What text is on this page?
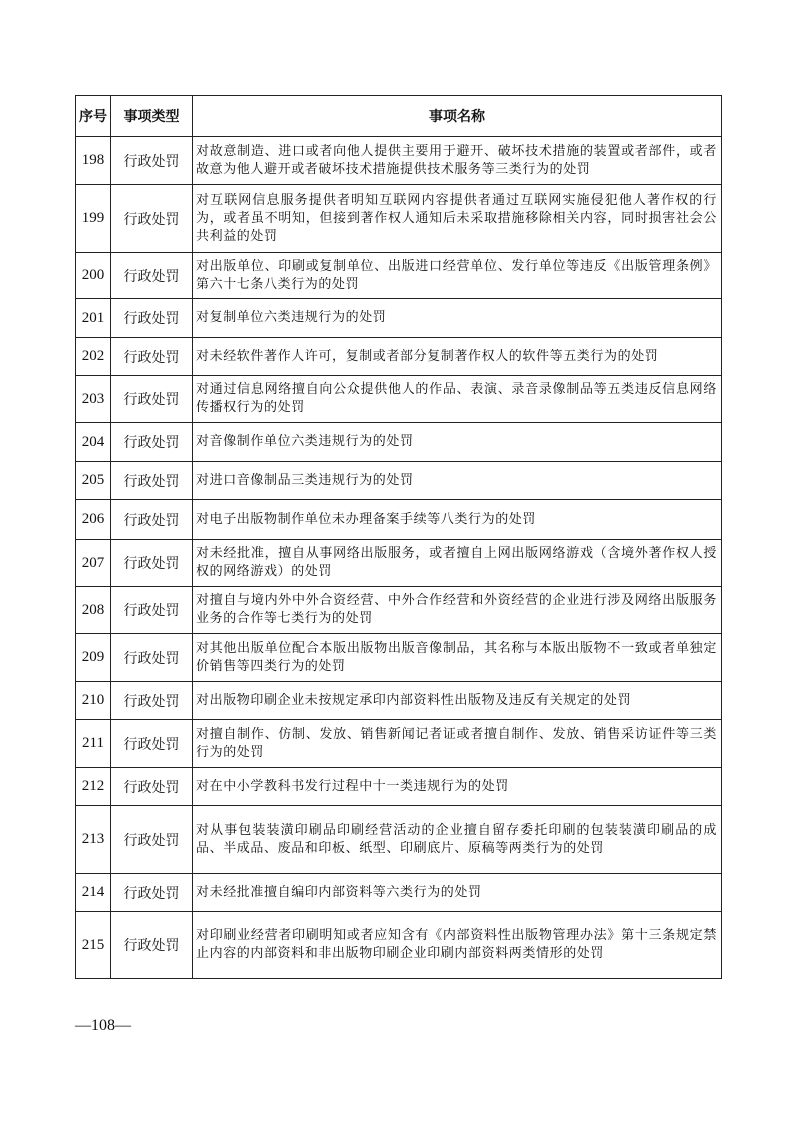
序号	事项类型	事项名称
198	行政处罚	对故意制造、进口或者向他人提供主要用于避开、破坏技术措施的装置或者部件，或者故意为他人避开或者破坏技术措施提供技术服务等三类行为的处罚
199	行政处罚	对互联网信息服务提供者明知互联网内容提供者通过互联网实施侵犯他人著作权的行为，或者虽不明知，但接到著作权人通知后未采取措施移除相关内容，同时损害社会公共利益的处罚
200	行政处罚	对出版单位、印刷或复制单位、出版进口经营单位、发行单位等违反《出版管理条例》第六十七条八类行为的处罚
201	行政处罚	对复制单位六类违规行为的处罚
202	行政处罚	对未经软件著作人许可，复制或者部分复制著作权人的软件等五类行为的处罚
203	行政处罚	对通过信息网络擅自向公众提供他人的作品、表演、录音录像制品等五类违反信息网络传播权行为的处罚
204	行政处罚	对音像制作单位六类违规行为的处罚
205	行政处罚	对进口音像制品三类违规行为的处罚
206	行政处罚	对电子出版物制作单位未办理备案手续等八类行为的处罚
207	行政处罚	对未经批准，擅自从事网络出版服务，或者擅自上网出版网络游戏（含境外著作权人授权的网络游戏）的处罚
208	行政处罚	对擅自与境内外中外合资经营、中外合作经营和外资经营的企业进行涉及网络出版服务业务的合作等七类行为的处罚
209	行政处罚	对其他出版单位配合本版出版物出版音像制品，其名称与本版出版物不一致或者单独定价销售等四类行为的处罚
210	行政处罚	对出版物印刷企业未按规定承印内部资料性出版物及违反有关规定的处罚
211	行政处罚	对擅自制作、仿制、发放、销售新闻记者证或者擅自制作、发放、销售采访证件等三类行为的处罚
212	行政处罚	对在中小学教科书发行过程中十一类违规行为的处罚
213	行政处罚	对从事包装装潢印刷品印刷经营活动的企业擅自留存委托印刷的包装装潢印刷品的成品、半成品、废品和印板、纸型、印刷底片、原稿等两类行为的处罚
214	行政处罚	对未经批准擅自编印内部资料等六类行为的处罚
215	行政处罚	对印刷业经营者印刷明知或者应知含有《内部资料性出版物管理办法》第十三条规定禁止内容的内部资料和非出版物印刷企业印刷内部资料两类情形的处罚
—108—
